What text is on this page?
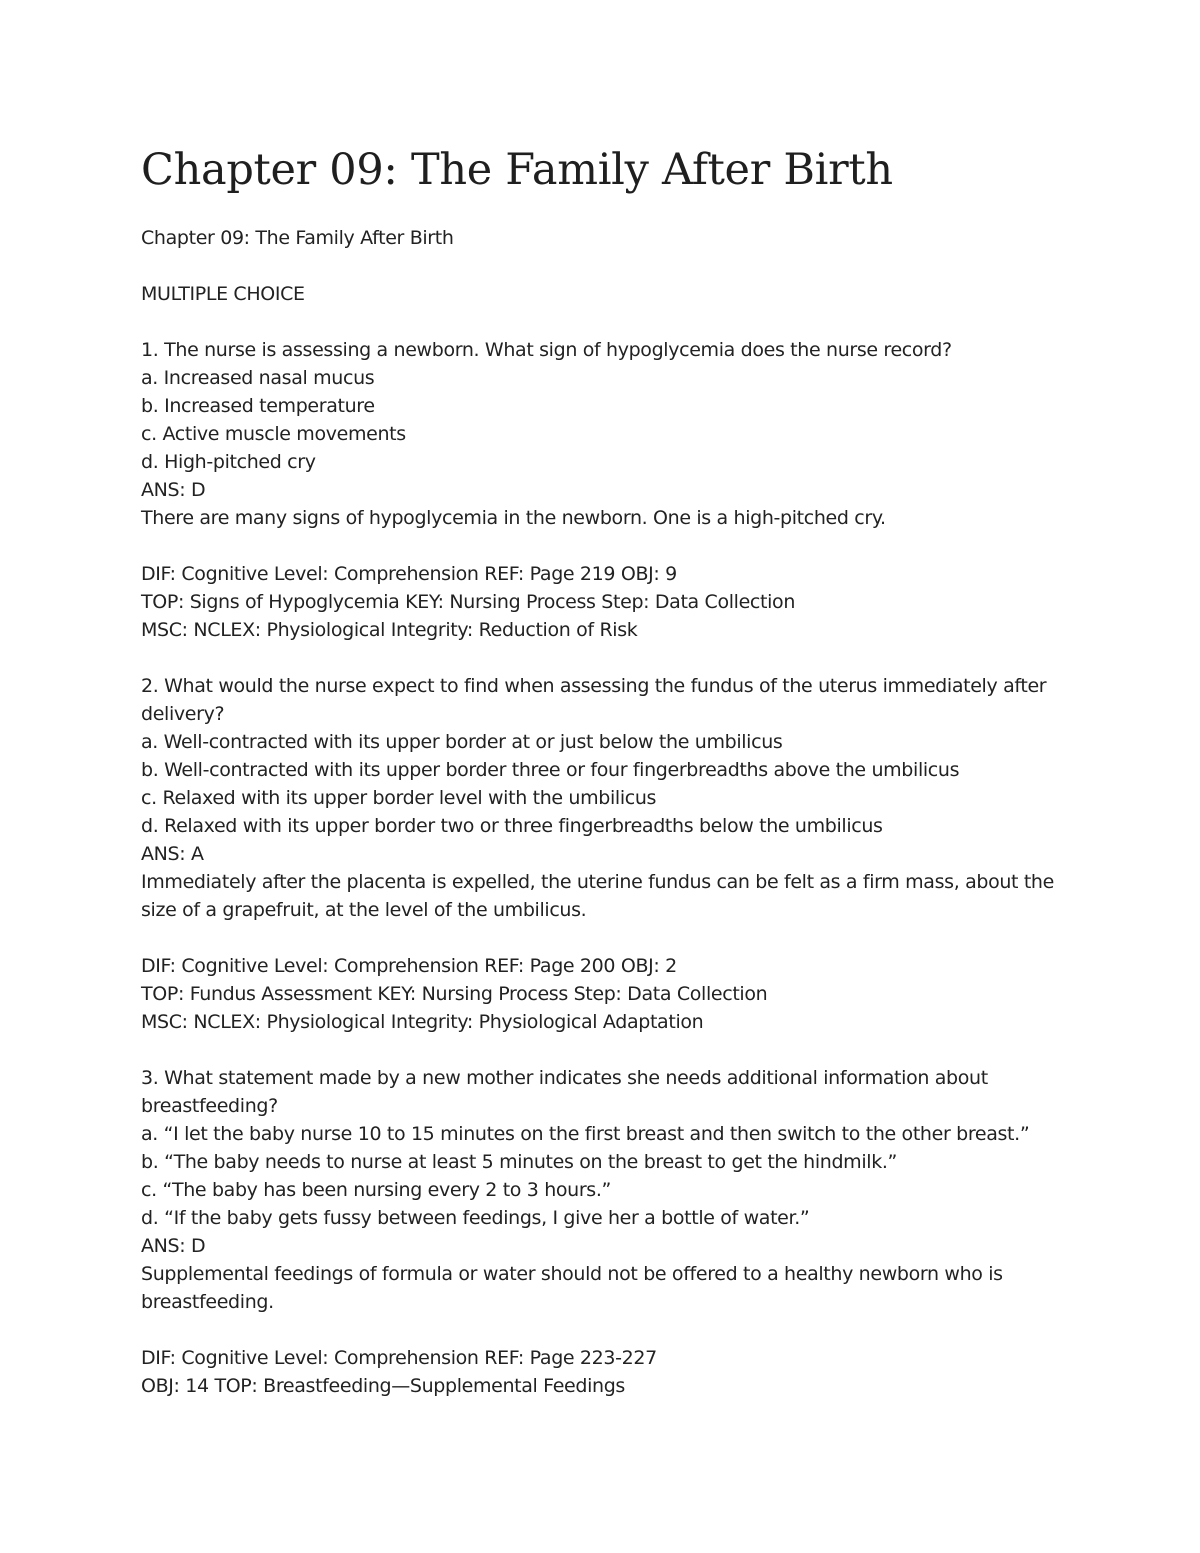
Chapter 09: The Family After Birth
Chapter 09: The Family After Birth
MULTIPLE CHOICE
1. The nurse is assessing a newborn. What sign of hypoglycemia does the nurse record?
a. Increased nasal mucus
b. Increased temperature
c. Active muscle movements
d. High-pitched cry
ANS: D
There are many signs of hypoglycemia in the newborn. One is a high-pitched cry.
DIF: Cognitive Level: Comprehension REF: Page 219 OBJ: 9
TOP: Signs of Hypoglycemia KEY: Nursing Process Step: Data Collection
MSC: NCLEX: Physiological Integrity: Reduction of Risk
2. What would the nurse expect to find when assessing the fundus of the uterus immediately after delivery?
a. Well-contracted with its upper border at or just below the umbilicus
b. Well-contracted with its upper border three or four fingerbreadths above the umbilicus
c. Relaxed with its upper border level with the umbilicus
d. Relaxed with its upper border two or three fingerbreadths below the umbilicus
ANS: A
Immediately after the placenta is expelled, the uterine fundus can be felt as a firm mass, about the size of a grapefruit, at the level of the umbilicus.
DIF: Cognitive Level: Comprehension REF: Page 200 OBJ: 2
TOP: Fundus Assessment KEY: Nursing Process Step: Data Collection
MSC: NCLEX: Physiological Integrity: Physiological Adaptation
3. What statement made by a new mother indicates she needs additional information about breastfeeding?
a. “I let the baby nurse 10 to 15 minutes on the first breast and then switch to the other breast.”
b. “The baby needs to nurse at least 5 minutes on the breast to get the hindmilk.”
c. “The baby has been nursing every 2 to 3 hours.”
d. “If the baby gets fussy between feedings, I give her a bottle of water.”
ANS: D
Supplemental feedings of formula or water should not be offered to a healthy newborn who is breastfeeding.
DIF: Cognitive Level: Comprehension REF: Page 223-227
OBJ: 14 TOP: Breastfeeding—Supplemental Feedings
